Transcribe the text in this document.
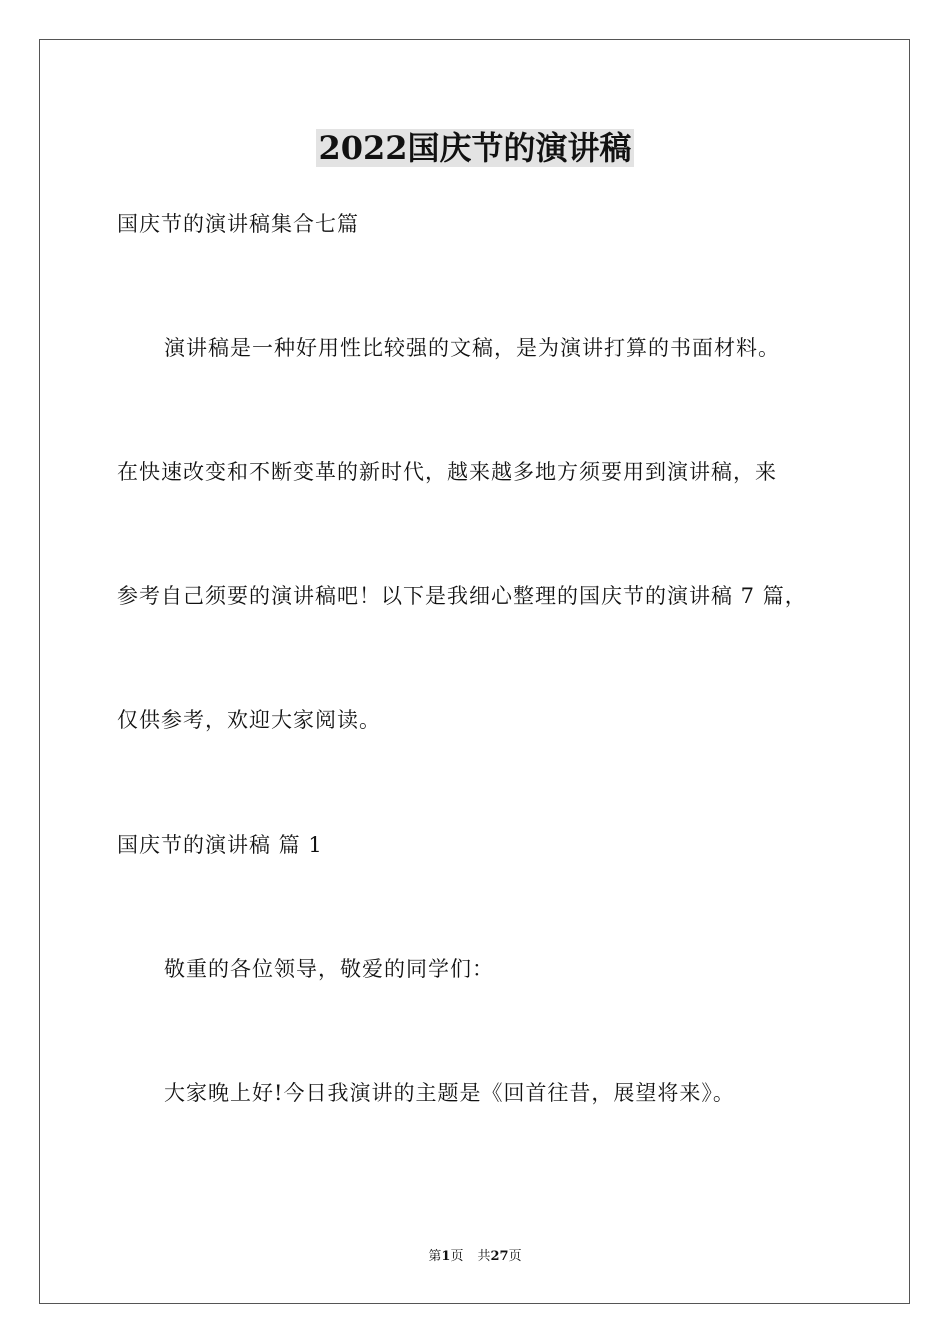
2022国庆节的演讲稿
国庆节的演讲稿集合七篇
演讲稿是一种好用性比较强的文稿，是为演讲打算的书面材料。
在快速改变和不断变革的新时代，越来越多地方须要用到演讲稿，来
参考自己须要的演讲稿吧！以下是我细心整理的国庆节的演讲稿 7 篇，
仅供参考，欢迎大家阅读。
国庆节的演讲稿 篇 1
敬重的各位领导，敬爱的同学们：
大家晚上好!今日我演讲的主题是《回首往昔，展望将来》。
第1页 共27页
